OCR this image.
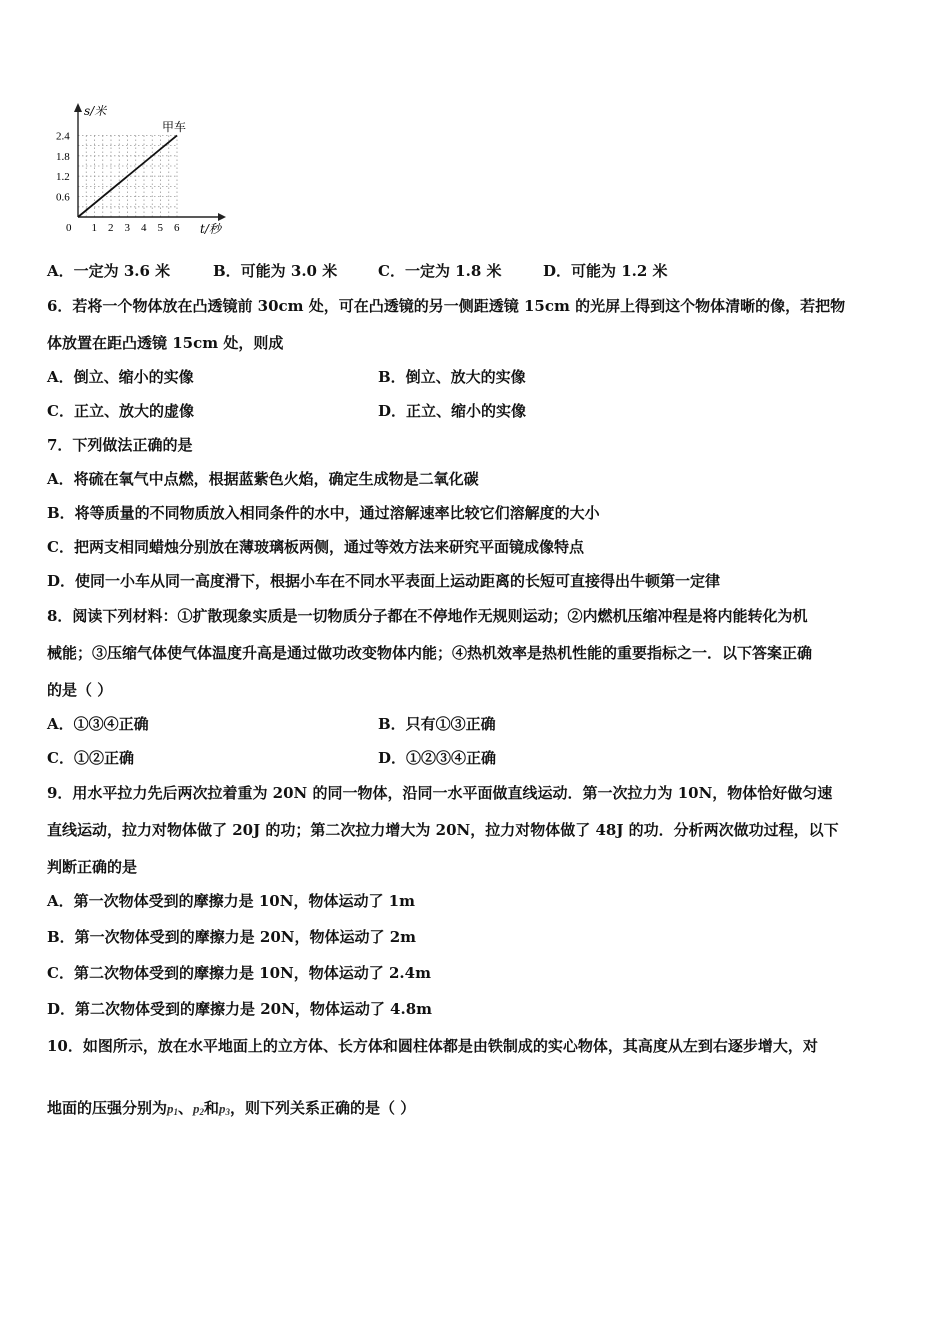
0.6
1.2
1.8
2.4
1 2 3 4 5 6
0
s/米
t/秒
甲车
A．一定为 3.6 米	B．可能为 3.0 米	C．一定为 1.8 米	D．可能为 1.2 米
6．若将一个物体放在凸透镜前 30cm 处，可在凸透镜的另一侧距透镜 15cm 的光屏上得到这个物体清晰的像，若把物
体放置在距凸透镜 15cm 处，则成
A．倒立、缩小的实像	B．倒立、放大的实像
C．正立、放大的虚像	D．正立、缩小的实像
7．下列做法正确的是
A．将硫在氧气中点燃，根据蓝紫色火焰，确定生成物是二氧化碳
B．将等质量的不同物质放入相同条件的水中，通过溶解速率比较它们溶解度的大小
C．把两支相同蜡烛分别放在薄玻璃板两侧，通过等效方法来研究平面镜成像特点
D．使同一小车从同一高度滑下，根据小车在不同水平表面上运动距离的长短可直接得出牛顿第一定律
8．阅读下列材料：①扩散现象实质是一切物质分子都在不停地作无规则运动；②内燃机压缩冲程是将内能转化为机
械能；③压缩气体使气体温度升高是通过做功改变物体内能；④热机效率是热机性能的重要指标之一．以下答案正确
的是（ ）
A．①③④正确	B．只有①③正确
C．①②正确	D．①②③④正确
9．用水平拉力先后两次拉着重为 20N 的同一物体，沿同一水平面做直线运动．第一次拉力为 10N，物体恰好做匀速
直线运动，拉力对物体做了 20J 的功；第二次拉力增大为 20N，拉力对物体做了 48J 的功．分析两次做功过程，以下
判断正确的是
A．第一次物体受到的摩擦力是 10N，物体运动了 1m
B．第一次物体受到的摩擦力是 20N，物体运动了 2m
C．第二次物体受到的摩擦力是 10N，物体运动了 2.4m
D．第二次物体受到的摩擦力是 20N，物体运动了 4.8m
10．如图所示，放在水平地面上的立方体、长方体和圆柱体都是由铁制成的实心物体，其高度从左到右逐步增大，对
地面的压强分别为$p_1$、$p_2$和$p_3$，则下列关系正确的是（ ）
